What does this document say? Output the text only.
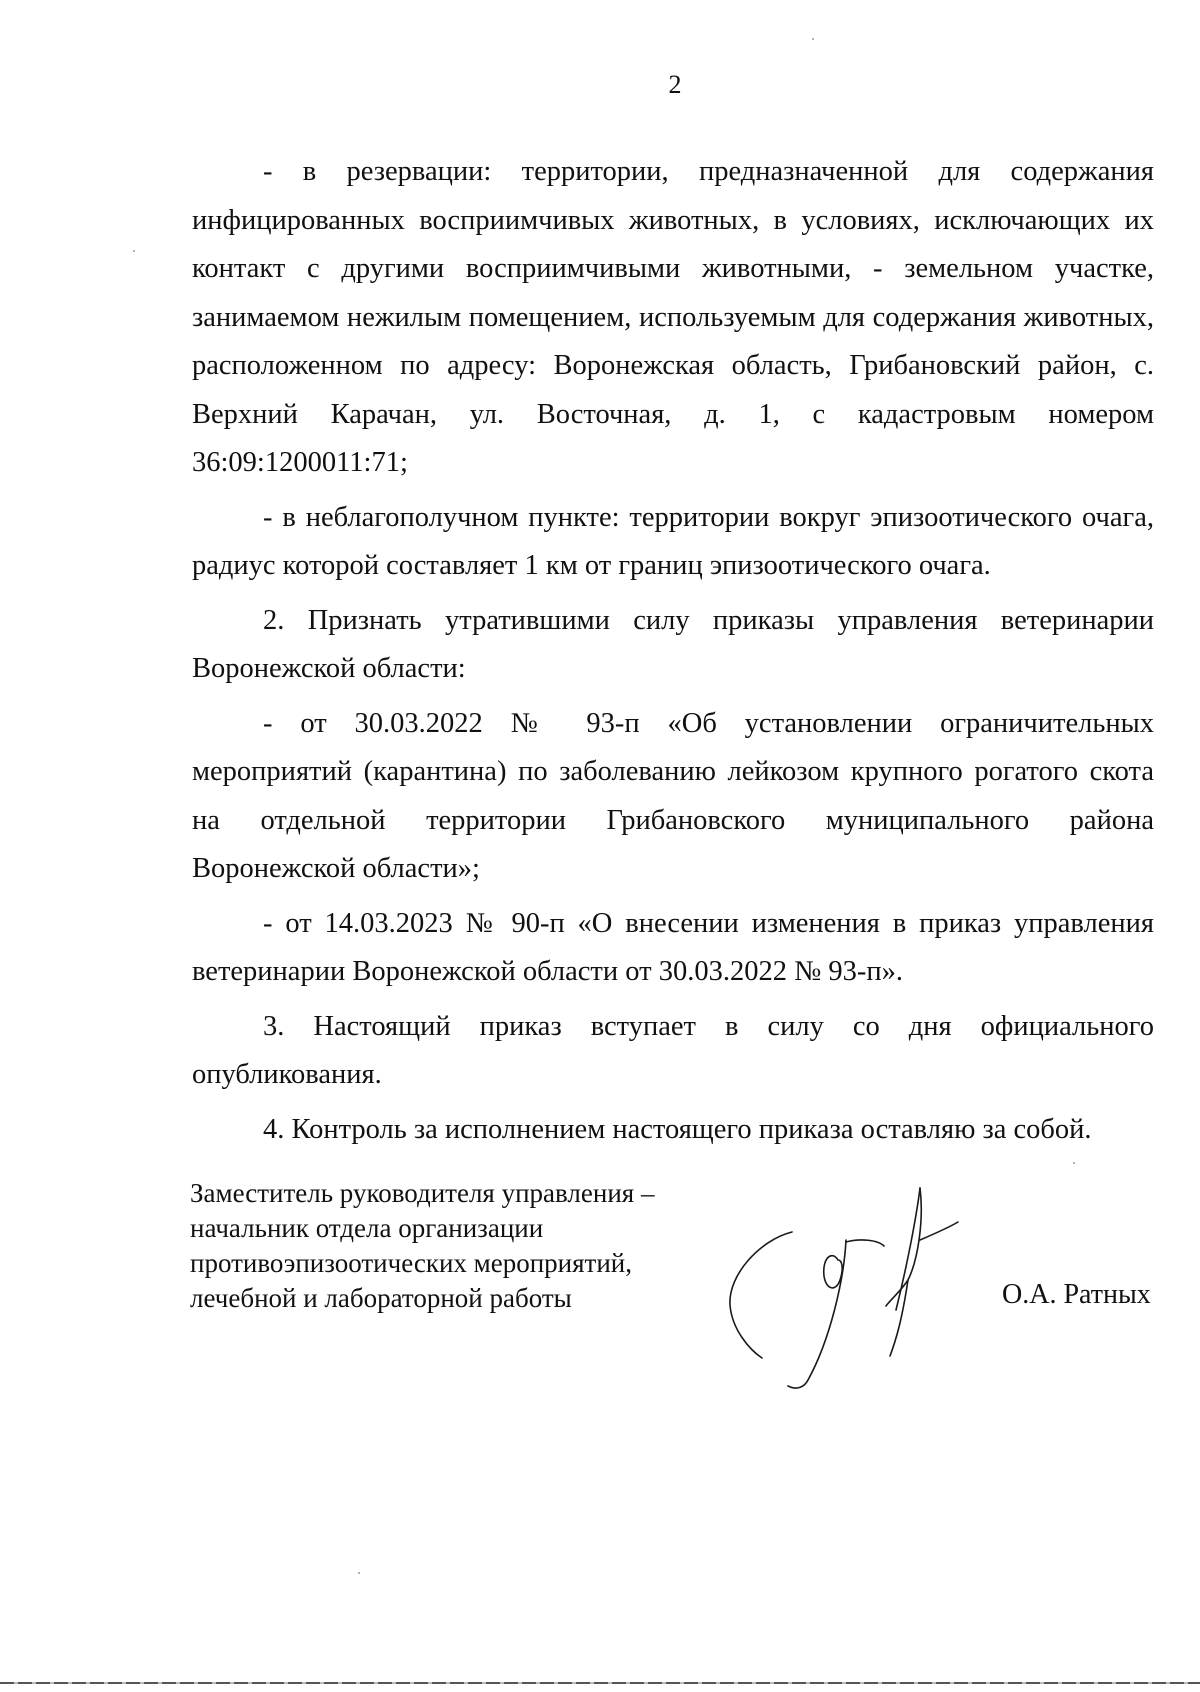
2

- в резервации: территории, предназначенной для содержания инфицированных восприимчивых животных, в условиях, исключающих их контакт с другими восприимчивыми животными, - земельном участке, занимаемом нежилым помещением, используемым для содержания животных, расположенном по адресу: Воронежская область, Грибановский район, с. Верхний Карачан, ул. Восточная, д. 1, с кадастровым номером 36:09:1200011:71;

- в неблагополучном пункте: территории вокруг эпизоотического очага, радиус которой составляет 1 км от границ эпизоотического очага.

2. Признать утратившими силу приказы управления ветеринарии Воронежской области:

- от 30.03.2022 № 93-п «Об установлении ограничительных мероприятий (карантина) по заболеванию лейкозом крупного рогатого скота на отдельной территории Грибановского муниципального района Воронежской области»;

- от 14.03.2023 № 90-п «О внесении изменения в приказ управления ветеринарии Воронежской области от 30.03.2022 № 93-п».

3. Настоящий приказ вступает в силу со дня официального опубликования.

4. Контроль за исполнением настоящего приказа оставляю за собой.

Заместитель руководителя управления –
начальник отдела организации
противоэпизоотических мероприятий,
лечебной и лабораторной работы	О.А. Ратных
